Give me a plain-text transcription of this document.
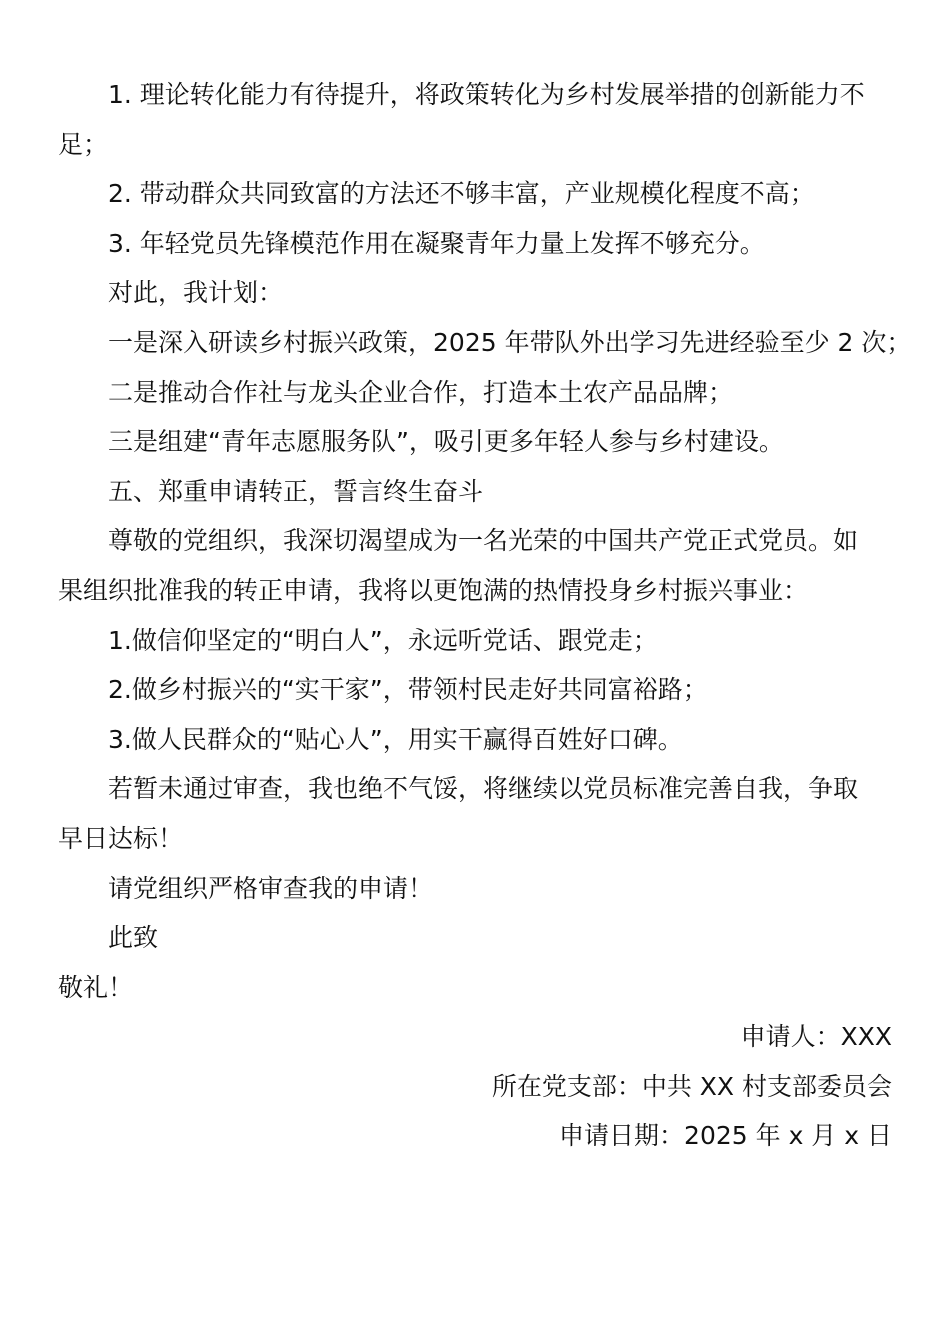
1. 理论转化能力有待提升，将政策转化为乡村发展举措的创新能力不

足；

2. 带动群众共同致富的方法还不够丰富，产业规模化程度不高；

3. 年轻党员先锋模范作用在凝聚青年力量上发挥不够充分。

对此，我计划：

一是深入研读乡村振兴政策，2025 年带队外出学习先进经验至少 2 次；

二是推动合作社与龙头企业合作，打造本土农产品品牌；

三是组建“青年志愿服务队”，吸引更多年轻人参与乡村建设。

五、郑重申请转正，誓言终生奋斗

尊敬的党组织，我深切渴望成为一名光荣的中国共产党正式党员。如

果组织批准我的转正申请，我将以更饱满的热情投身乡村振兴事业：

1.做信仰坚定的“明白人”，永远听党话、跟党走；

2.做乡村振兴的“实干家”，带领村民走好共同富裕路；

3.做人民群众的“贴心人”，用实干赢得百姓好口碑。

若暂未通过审查，我也绝不气馁，将继续以党员标准完善自我，争取

早日达标！

请党组织严格审查我的申请！

此致

敬礼！

申请人：XXX

所在党支部：中共 XX 村支部委员会

申请日期：2025 年 x 月 x 日
